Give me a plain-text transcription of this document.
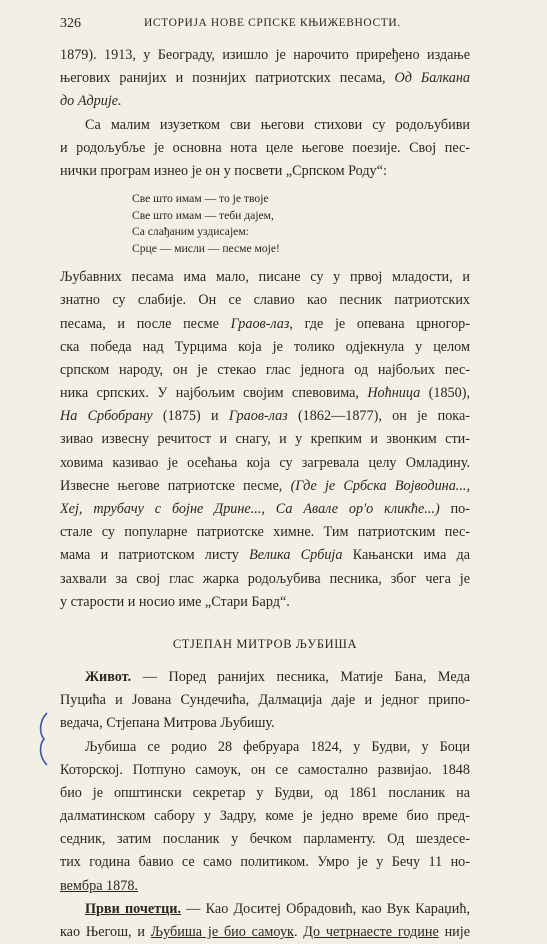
326	ИСТОРИЈА НОВЕ СРПСКЕ КЊИЖЕВНОСТИ.
1879). 1913, у Београду, изишло је нарочито приређено издање
његових ранијих и познијих патриотских песама, Од Балкана
до Адрије.
Са малим изузетком сви његови стихови су родољубиви
и родољубље је основна нота целе његове поезије. Свој пес-
нички програм изнео је он у посвети „Српском Роду“:
Све што имам — то је твоје
Све што имам — теби дајем,
Са слађаним уздисајем:
Срце — мисли — песме моје!
Љубавних песама има мало, писане су у првој младости, и
знатно су слабије. Он се славио као песник патриотских
песама, и после песме Граов-лаз, где је опевана црногор-
ска победа над Турцима која је толико одјекнула у целом
српском народу, он је стекао глас једнога од најбољих пес-
ника српских. У најбољим својим спевовима, Ноћница (1850),
На Србобрану (1875) и Граов-лаз (1862—1877), он је пока-
зивао извесну речитост и снагу, и у крепким и звонким сти-
ховима казивао је осећања која су загревала целу Омладину.
Извесне његове патриотске песме, (Где је Србска Војводина...,
Хеј, трубачу с бојне Дрине..., Са Авале ор'о кликће...) по-
стале су популарне патриотске химне. Тим патриотским пес-
мама и патриотском листу Велика Србија Кањански има да
захвали за свој глас жарка родољубива песника, због чега је
у старости и носио име „Стари Бард“.
СТЈЕПАН МИТРОВ ЉУБИША
Живот. — Поред ранијих песника, Матије Бана, Меда
Пуцића и Јована Сундечића, Далмација даје и једног припо-
ведача, Стјепана Митрова Љубишу.
Љубиша се родио 28 фебруара 1824, у Будви, у Боци
Которској. Потпуно самоук, он се самостално развијао. 1848
био је општински секретар у Будви, од 1861 посланик на
далматинском сабору у Задру, коме је једно време био пред-
седник, затим посланик у бечком парламенту. Од шездесе-
тих година бавио се само политиком. Умро је у Бечу 11 но-
вембра 1878.
Први почетци. — Као Доситеј Обрадовић, као Вук Караџић,
као Његош, и Љубиша је био самоук. До четрнаесте године није
